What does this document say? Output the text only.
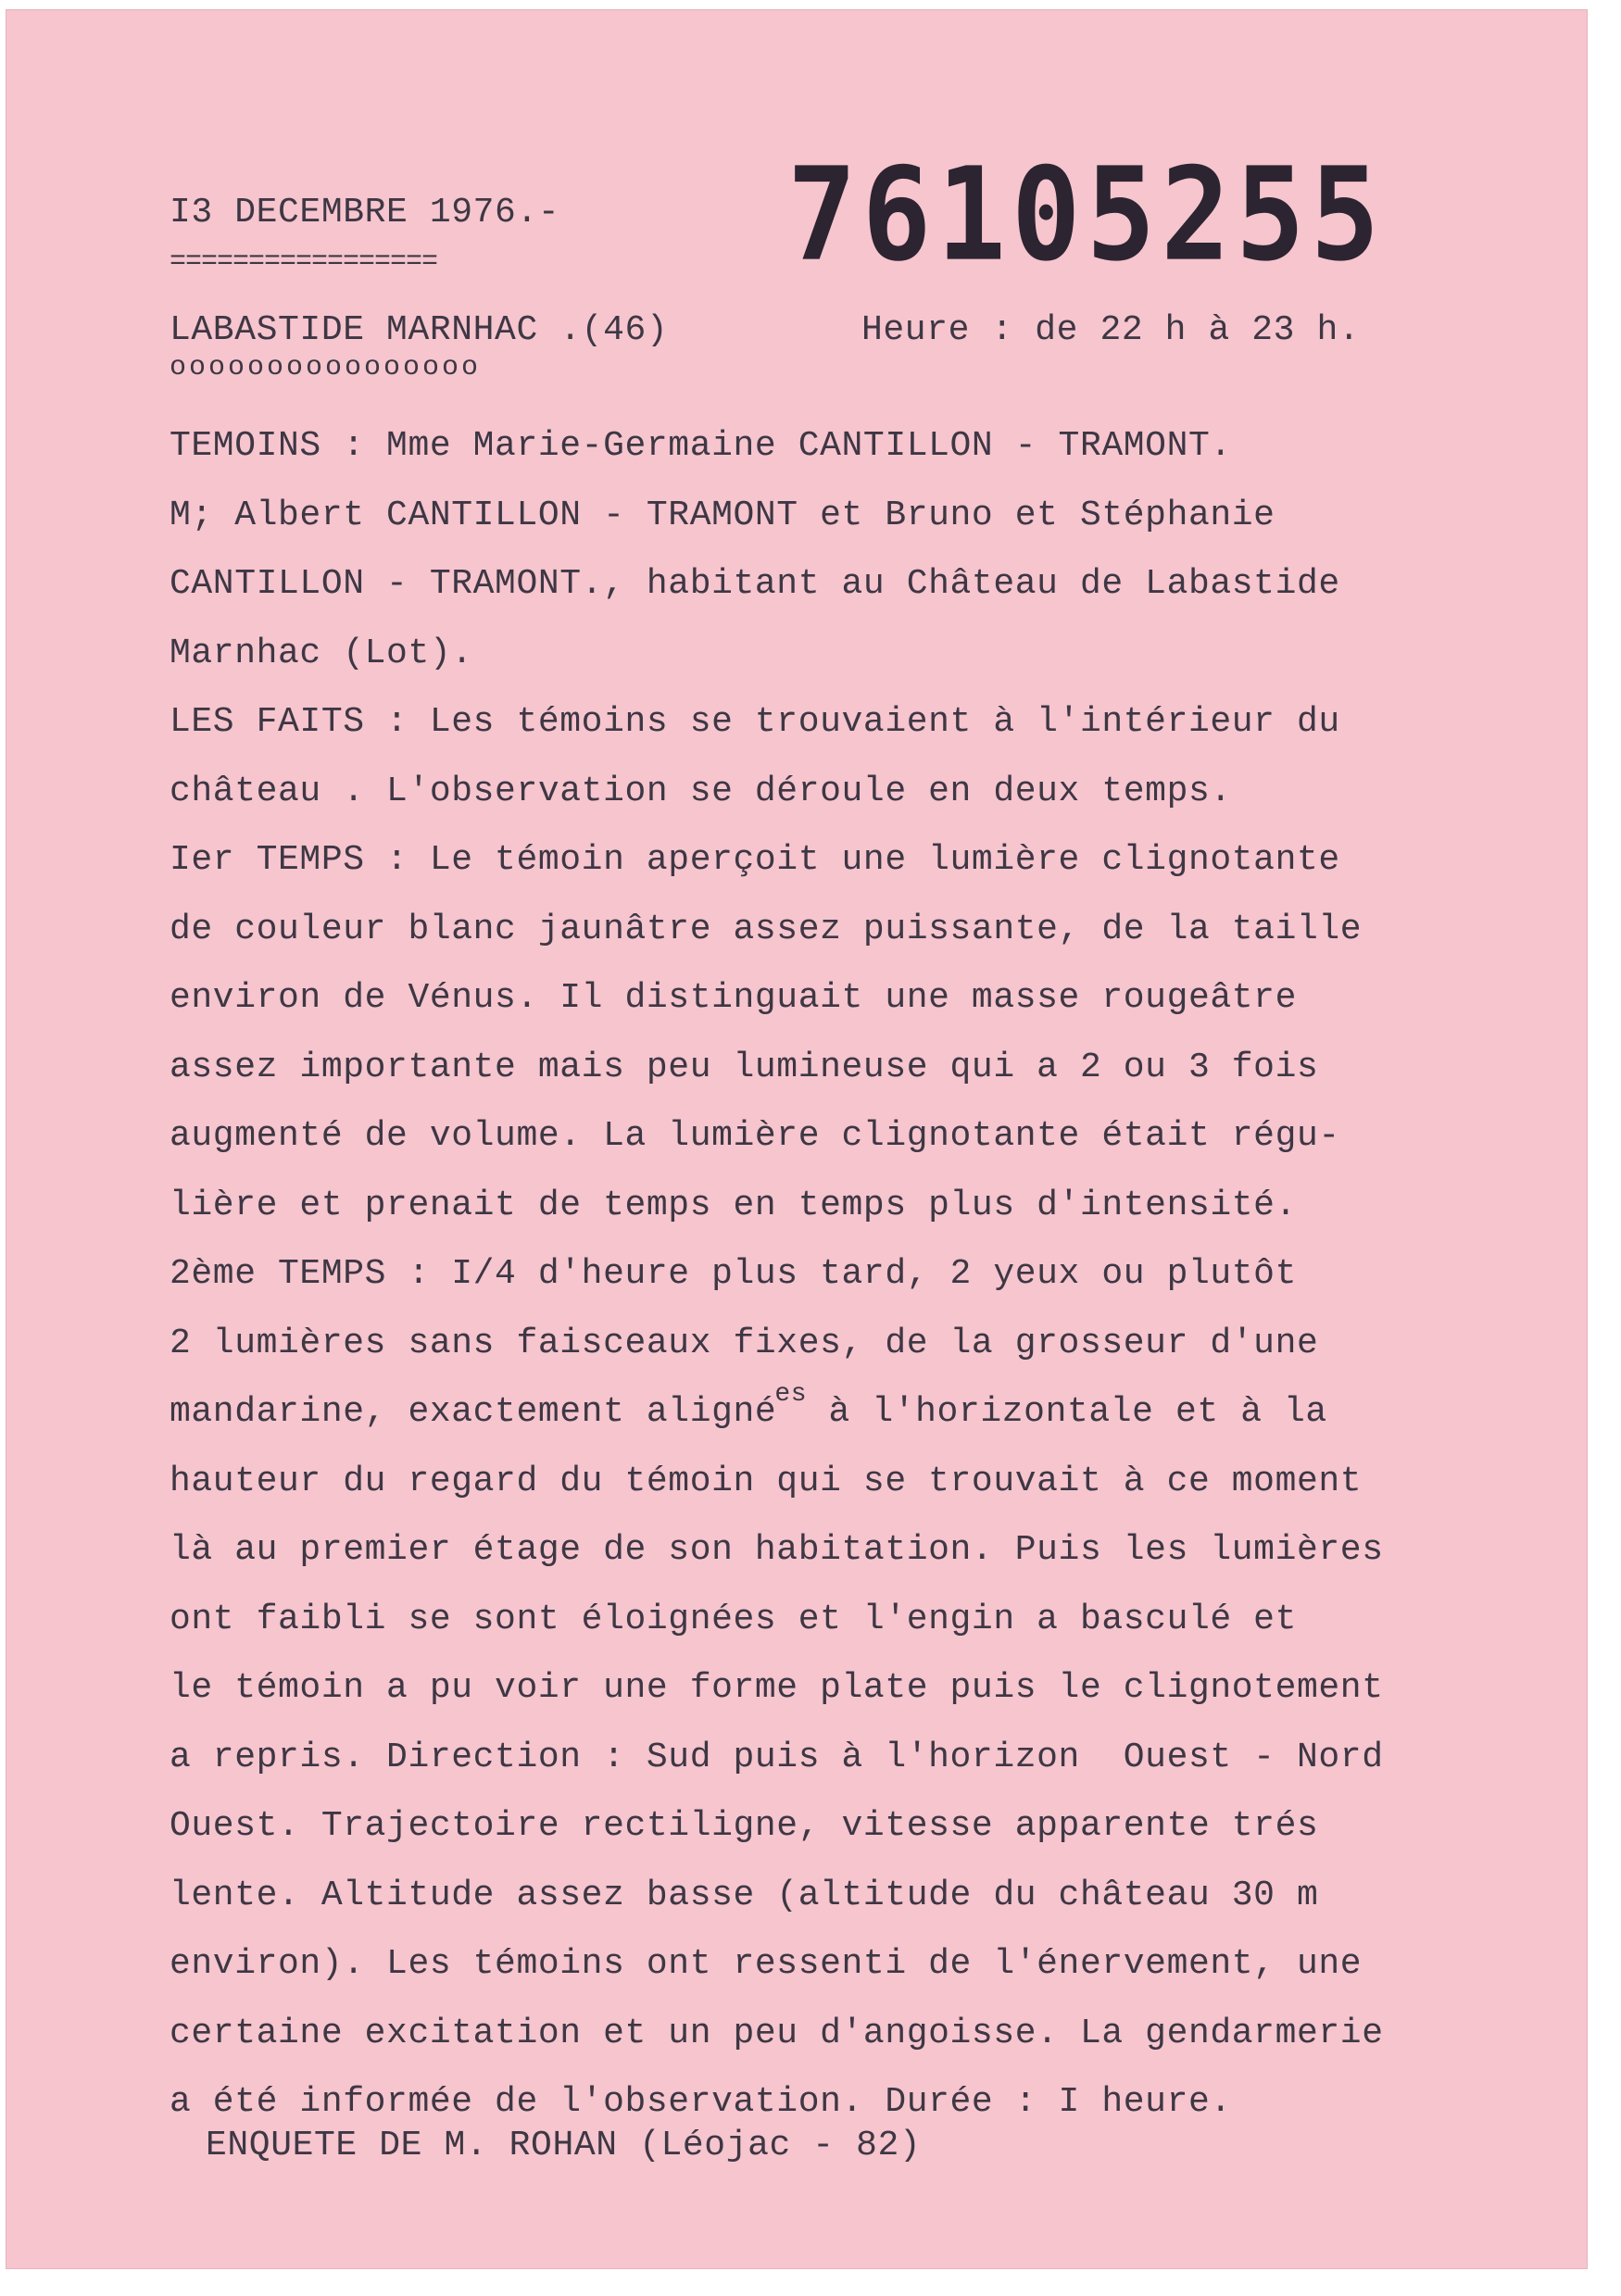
I3 DECEMBRE 1976.-
=================	76105255
LABASTIDE MARNHAC .(46)
oooooooooooooooo
Heure : de 22 h à 23 h.
TEMOINS : Mme Marie-Germaine CANTILLON - TRAMONT.
M; Albert CANTILLON - TRAMONT et Bruno et Stéphanie
CANTILLON - TRAMONT., habitant au Château de Labastide
Marnhac (Lot).
LES FAITS : Les témoins se trouvaient à l'intérieur du
château . L'observation se déroule en deux temps.
Ier TEMPS : Le témoin aperçoit une lumière clignotante
de couleur blanc jaunâtre assez puissante, de la taille
environ de Vénus. Il distinguait une masse rougeâtre
assez importante mais peu lumineuse qui a 2 ou 3 fois
augmenté de volume. La lumière clignotante était régu-
lière et prenait de temps en temps plus d'intensité.
2ème TEMPS : I/4 d'heure plus tard, 2 yeux ou plutôt
2 lumières sans faisceaux fixes, de la grosseur d'une
mandarine, exactement aligné$^{es}$ à l'horizontale et à la
hauteur du regard du témoin qui se trouvait à ce moment
là au premier étage de son habitation. Puis les lumières
ont faibli se sont éloignées et l'engin a basculé et
le témoin a pu voir une forme plate puis le clignotement
a repris. Direction : Sud puis à l'horizon  Ouest - Nord
Ouest. Trajectoire rectiligne, vitesse apparente trés
lente. Altitude assez basse (altitude du château 30 m
environ). Les témoins ont ressenti de l'énervement, une
certaine excitation et un peu d'angoisse. La gendarmerie
a été informée de l'observation. Durée : I heure.
ENQUETE DE M. ROHAN (Léojac - 82)
